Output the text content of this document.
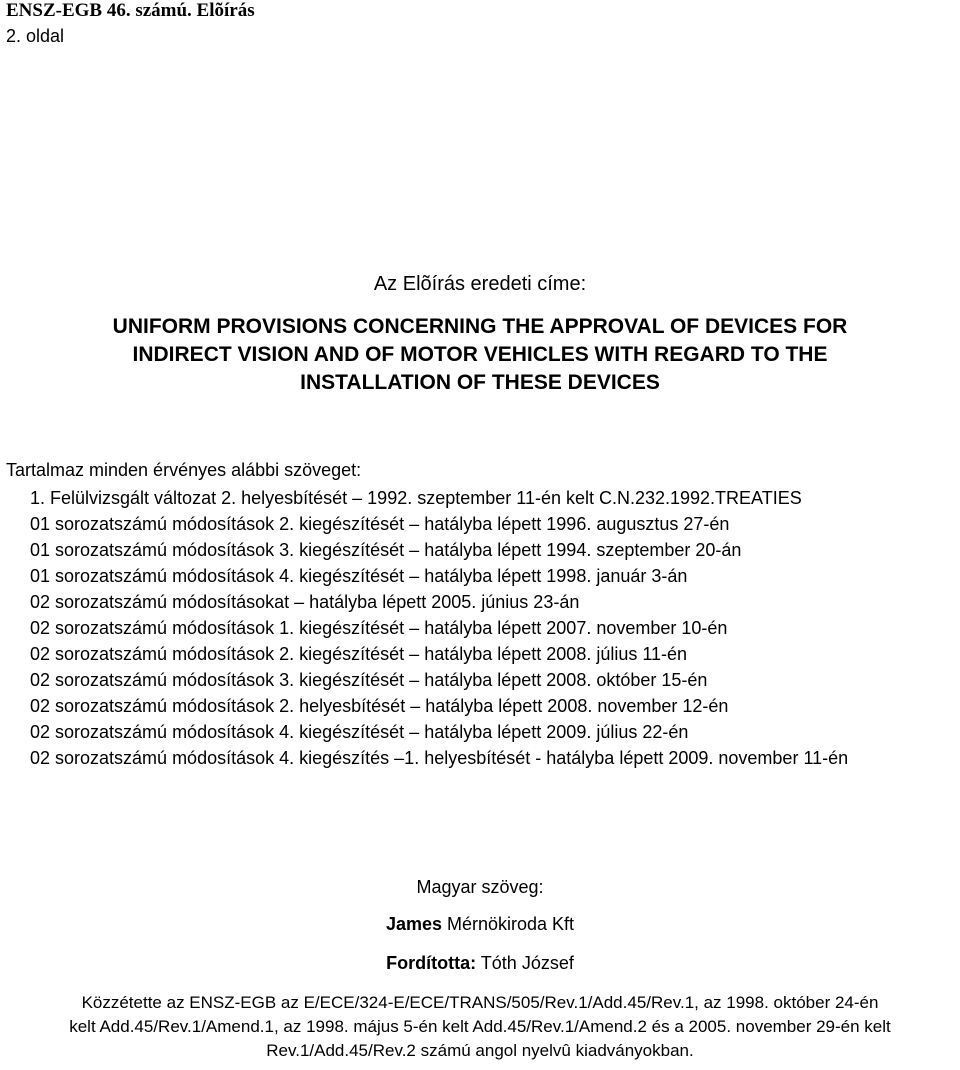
ENSZ-EGB 46. számú. Elõírás
2. oldal
Az Elõírás eredeti címe:
UNIFORM PROVISIONS CONCERNING THE APPROVAL OF DEVICES FOR
INDIRECT VISION AND OF MOTOR VEHICLES WITH REGARD TO THE
INSTALLATION OF THESE DEVICES
Tartalmaz minden érvényes alábbi szöveget:
1. Felülvizsgált változat 2. helyesbítését – 1992. szeptember 11-én kelt C.N.232.1992.TREATIES
01 sorozatszámú módosítások 2. kiegészítését – hatályba lépett 1996. augusztus 27-én
01 sorozatszámú módosítások 3. kiegészítését – hatályba lépett 1994. szeptember 20-án
01 sorozatszámú módosítások 4. kiegészítését – hatályba lépett 1998. január 3-án
02 sorozatszámú módosításokat – hatályba lépett 2005. június 23-án
02 sorozatszámú módosítások 1. kiegészítését – hatályba lépett 2007. november 10-én
02 sorozatszámú módosítások 2. kiegészítését – hatályba lépett 2008. július 11-én
02 sorozatszámú módosítások 3. kiegészítését – hatályba lépett 2008. október 15-én
02 sorozatszámú módosítások 2. helyesbítését – hatályba lépett 2008. november 12-én
02 sorozatszámú módosítások 4. kiegészítését – hatályba lépett 2009. július 22-én
02 sorozatszámú módosítások 4. kiegészítés –1. helyesbítését - hatályba lépett 2009. november 11-én
Magyar szöveg:
James Mérnökiroda Kft
Fordította: Tóth József
Közzétette az ENSZ-EGB az E/ECE/324-E/ECE/TRANS/505/Rev.1/Add.45/Rev.1, az 1998. október 24-én
kelt Add.45/Rev.1/Amend.1, az 1998. május 5-én kelt Add.45/Rev.1/Amend.2 és a 2005. november 29-én kelt
Rev.1/Add.45/Rev.2 számú angol nyelvû kiadványokban.
